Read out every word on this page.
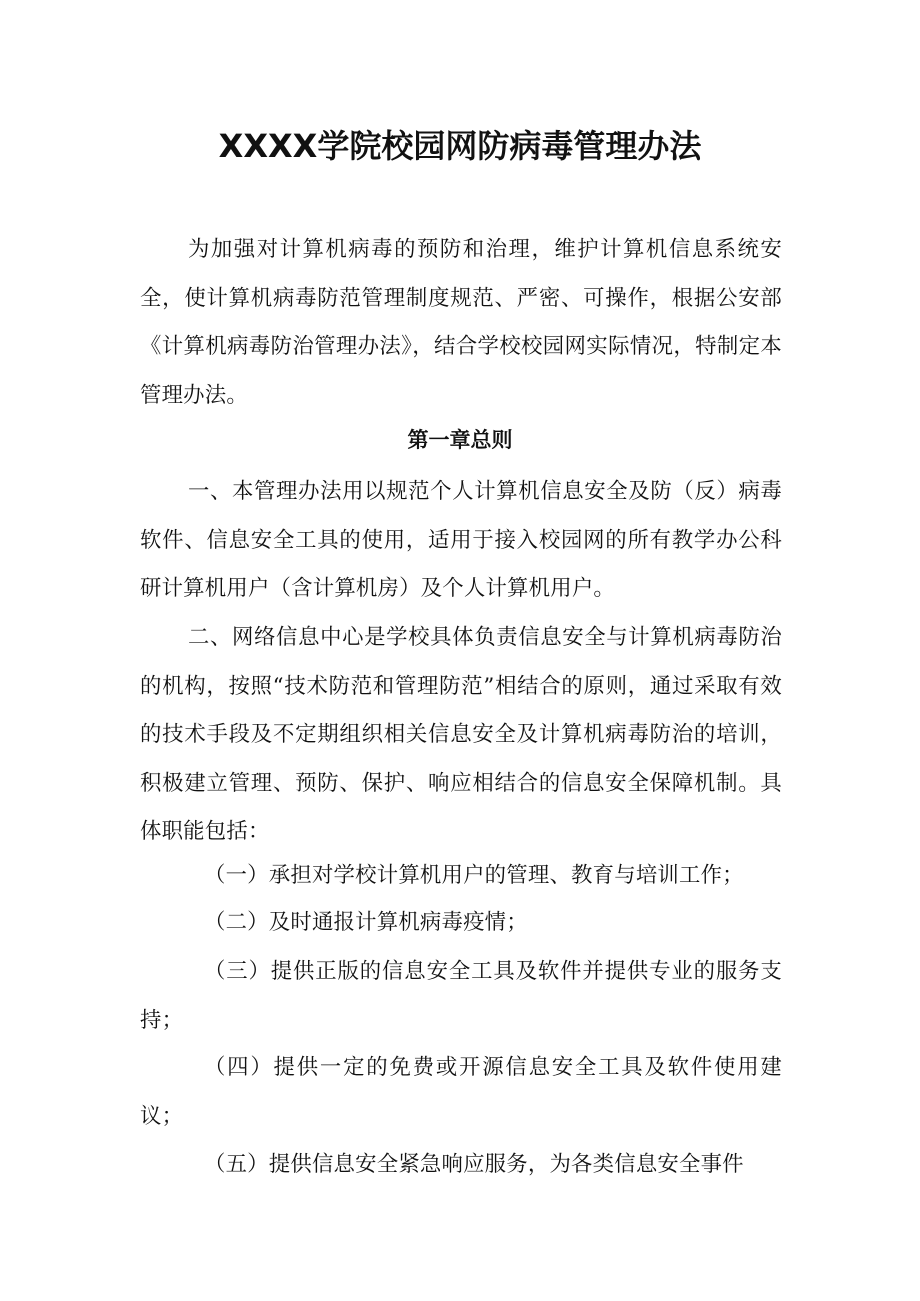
XXXX学院校园网防病毒管理办法

为加强对计算机病毒的预防和治理，维护计算机信息系统安全，使计算机病毒防范管理制度规范、严密、可操作，根据公安部《计算机病毒防治管理办法》，结合学校校园网实际情况，特制定本管理办法。

第一章总则

一、本管理办法用以规范个人计算机信息安全及防（反）病毒软件、信息安全工具的使用，适用于接入校园网的所有教学办公科研计算机用户（含计算机房）及个人计算机用户。

二、网络信息中心是学校具体负责信息安全与计算机病毒防治的机构，按照“技术防范和管理防范”相结合的原则，通过采取有效的技术手段及不定期组织相关信息安全及计算机病毒防治的培训，积极建立管理、预防、保护、响应相结合的信息安全保障机制。具体职能包括：

（一）承担对学校计算机用户的管理、教育与培训工作；

（二）及时通报计算机病毒疫情；

（三）提供正版的信息安全工具及软件并提供专业的服务支持；

（四）提供一定的免费或开源信息安全工具及软件使用建议；

（五）提供信息安全紧急响应服务，为各类信息安全事件
